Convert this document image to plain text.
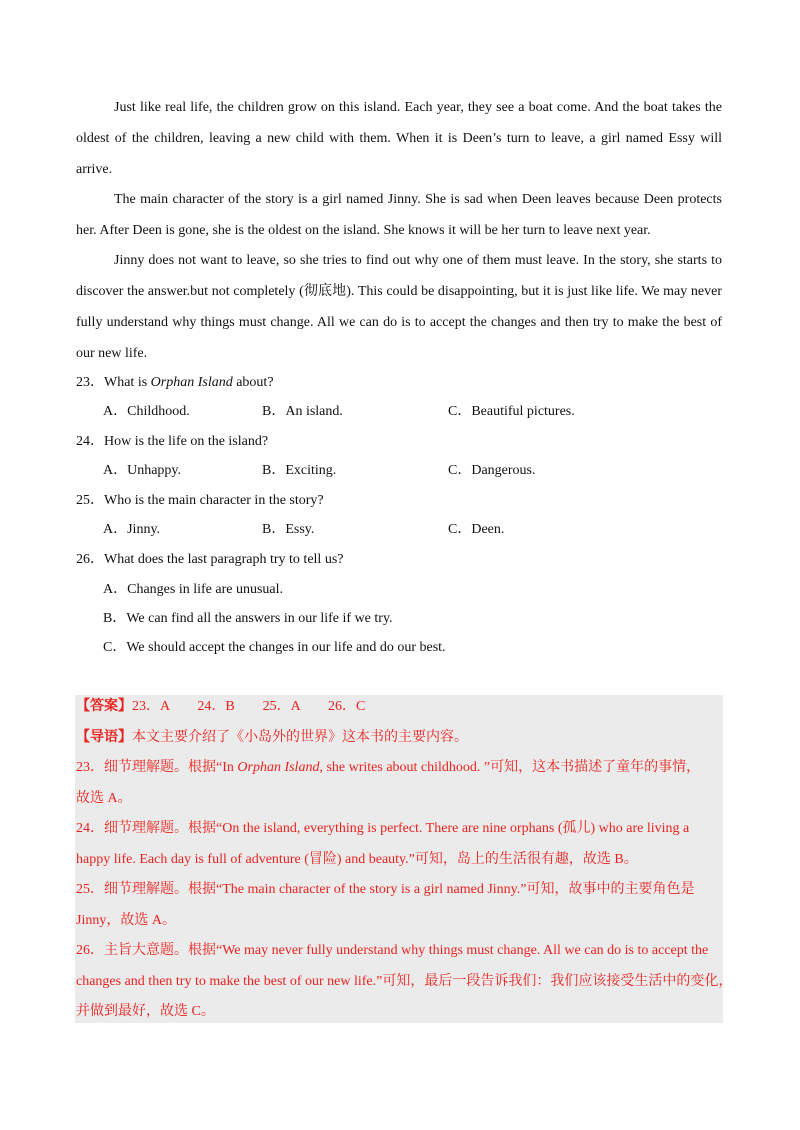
Just like real life, the children grow on this island. Each year, they see a boat come. And the boat takes the oldest of the children, leaving a new child with them. When it is Deen’s turn to leave, a girl named Essy will arrive.

The main character of the story is a girl named Jinny. She is sad when Deen leaves because Deen protects her. After Deen is gone, she is the oldest on the island. She knows it will be her turn to leave next year.

Jinny does not want to leave, so she tries to find out why one of them must leave. In the story, she starts to discover the answer.but not completely (彻底地). This could be disappointing, but it is just like life. We may never fully understand why things must change. All we can do is to accept the changes and then try to make the best of our new life.

23．What is Orphan Island about?
A．Childhood.	B．An island.	C．Beautiful pictures.
24．How is the life on the island?
A．Unhappy.	B．Exciting.	C．Dangerous.
25．Who is the main character in the story?
A．Jinny.	B．Essy.	C．Deen.
26．What does the last paragraph try to tell us?
A．Changes in life are unusual.
B．We can find all the answers in our life if we try.
C．We should accept the changes in our life and do our best.
【答案】23．A　　24．B　　25．A　　26．C
【导语】本文主要介绍了《小岛外的世界》这本书的主要内容。
23．细节理解题。根据“In Orphan Island, she writes about childhood. ”可知，这本书描述了童年的事情，
故选 A。
24．细节理解题。根据“On the island, everything is perfect. There are nine orphans (孤儿) who are living a
happy life. Each day is full of adventure (冒险) and beauty.”可知，岛上的生活很有趣，故选 B。
25．细节理解题。根据“The main character of the story is a girl named Jinny.”可知，故事中的主要角色是
Jinny，故选 A。
26．主旨大意题。根据“We may never fully understand why things must change. All we can do is to accept the
changes and then try to make the best of our new life.”可知，最后一段告诉我们：我们应该接受生活中的变化，
并做到最好，故选 C。
